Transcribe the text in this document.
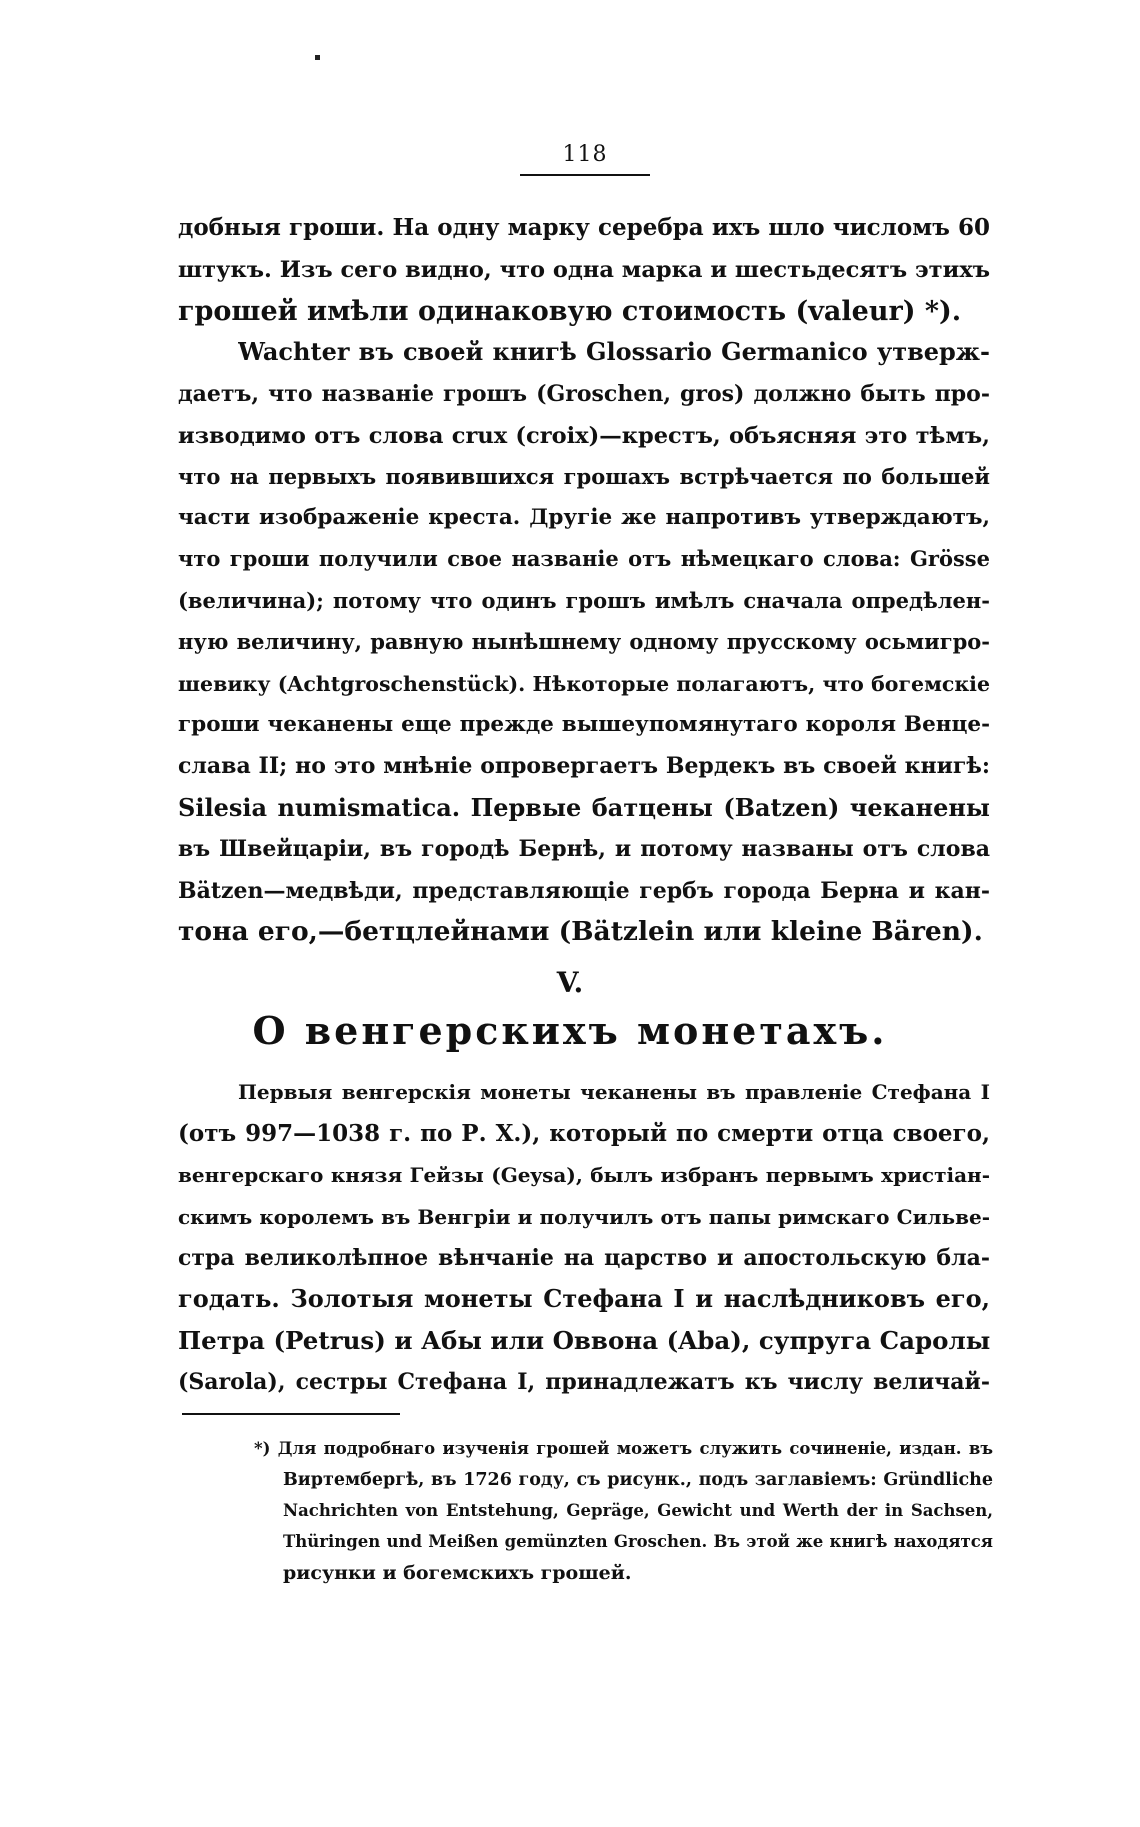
118
добныя гроши. На одну марку серебра ихъ шло числомъ 60
штукъ. Изъ сего видно, что одна марка и шестьдесятъ этихъ
грошей имѣли одинаковую стоимость (valeur) *).
Wachter въ своей книгѣ Glossario Germanico утверж-
даетъ, что названіе грошъ (Groschen, gros) должно быть про-
изводимо отъ слова crux (croix)—крестъ, объясняя это тѣмъ,
что на первыхъ появившихся грошахъ встрѣчается по большей
части изображеніе креста. Другіе же напротивъ утверждаютъ,
что гроши получили свое названіе отъ нѣмецкаго слова: Grösse
(величина); потому что одинъ грошъ имѣлъ сначала опредѣлен-
ную величину, равную нынѣшнему одному прусскому осьмигро-
шевику (Achtgroschenstück). Нѣкоторые полагаютъ, что богемскіе
гроши чеканены еще прежде вышеупомянутаго короля Венце-
слава II; но это мнѣніе опровергаетъ Вердекъ въ своей книгѣ:
Silesia numismatica. Первые батцены (Batzen) чеканены
въ Швейцаріи, въ городѣ Бернѣ, и потому названы отъ слова
Bätzen—медвѣди, представляющіе гербъ города Берна и кан-
тона его,—бетцлейнами (Bätzlein или kleine Bären).
V.
О венгерскихъ монетахъ.
Первыя венгерскія монеты чеканены въ правленіе Стефана I
(отъ 997—1038 г. по Р. Х.), который по смерти отца своего,
венгерскаго князя Гейзы (Geysa), былъ избранъ первымъ христіан-
скимъ королемъ въ Венгріи и получилъ отъ папы римскаго Сильве-
стра великолѣпное вѣнчаніе на царство и апостольскую бла-
годать. Золотыя монеты Стефана I и наслѣдниковъ его,
Петра (Petrus) и Абы или Оввона (Aba), супруга Саролы
(Sarola), сестры Стефана I, принадлежатъ къ числу величай-
*) Для подробнаго изученія грошей можетъ служить сочиненіе, издан. въ
Виртембергѣ, въ 1726 году, съ рисунк., подъ заглавіемъ: Gründliche
Nachrichten von Entstehung, Gepräge, Gewicht und Werth der in Sachsen,
Thüringen und Meißen gemünzten Groschen. Въ этой же книгѣ находятся
рисунки и богемскихъ грошей.
